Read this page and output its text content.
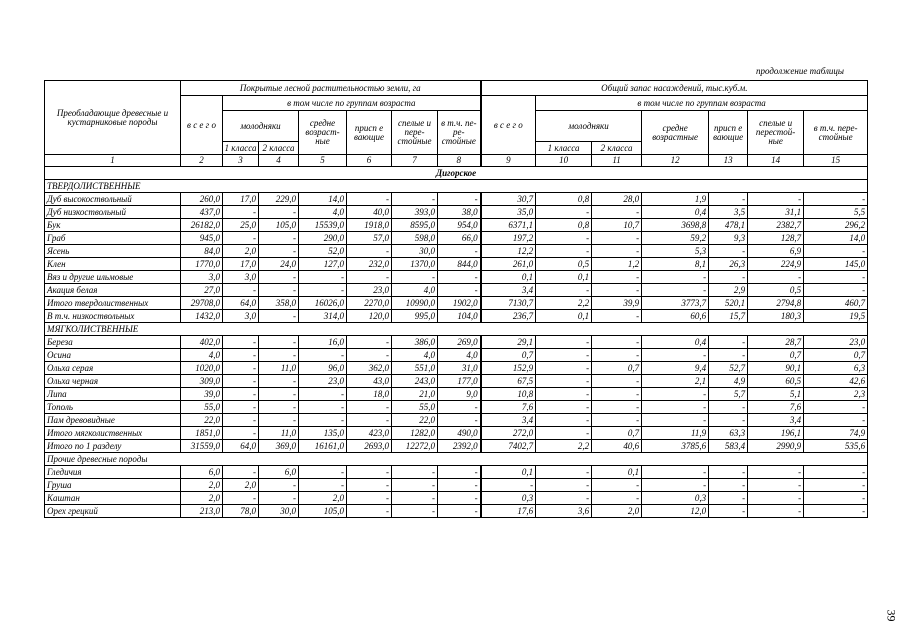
продолжение таблицы
Преобладающие древесные и кустарниковые породы	Покрытые лесной растительностью земли, га							Общий запас насаждений, тыс.куб.м.						
	в с е г о	в том числе по группам возраста						в с е г о	в том числе по группам возраста					
		молодняки		средне возраст-ные	присп е вающие	спелые и пере-стойные	в т.ч. пе-ре-стойные		молодняки		средне возрастные	присп е вающие	спелые и перестой-ные	в т.ч. пере-стойные
		1 класса	2 класса						1 класса	2 класса				
1	2	3	4	5	6	7	8	9	10	11	12	13	14	15
Дигорское														
ТВЕРДОЛИСТВЕННЫЕ														
Дуб высокоствольный	260,0	17,0	229,0	14,0	-	-	-	30,7	0,8	28,0	1,9	-	-	-
Дуб низкоствольный	437,0	-	-	4,0	40,0	393,0	38,0	35,0	-	-	0,4	3,5	31,1	5,5
Бук	26182,0	25,0	105,0	15539,0	1918,0	8595,0	954,0	6371,1	0,8	10,7	3698,8	478,1	2382,7	296,2
Граб	945,0	-	-	290,0	57,0	598,0	66,0	197,2	-	-	59,2	9,3	128,7	14,0
Ясень	84,0	2,0	-	52,0	-	30,0	-	12,2	-	-	5,3	-	6,9	-
Клен	1770,0	17,0	24,0	127,0	232,0	1370,0	844,0	261,0	0,5	1,2	8,1	26,3	224,9	145,0
Вяз и другие ильмовые	3,0	3,0	-	-	-	-	-	0,1	0,1	-	-	-	-	-
Акация белая	27,0	-	-	-	23,0	4,0	-	3,4	-	-	-	2,9	0,5	-
Итого твердолиственных	29708,0	64,0	358,0	16026,0	2270,0	10990,0	1902,0	7130,7	2,2	39,9	3773,7	520,1	2794,8	460,7
В т.ч. низкоствольных	1432,0	3,0	-	314,0	120,0	995,0	104,0	236,7	0,1	-	60,6	15,7	180,3	19,5
МЯГКОЛИСТВЕННЫЕ														
Береза	402,0	-	-	16,0	-	386,0	269,0	29,1	-	-	0,4	-	28,7	23,0
Осина	4,0	-	-	-	-	4,0	4,0	0,7	-	-	-	-	0,7	0,7
Ольха серая	1020,0	-	11,0	96,0	362,0	551,0	31,0	152,9	-	0,7	9,4	52,7	90,1	6,3
Ольха черная	309,0	-	-	23,0	43,0	243,0	177,0	67,5	-	-	2,1	4,9	60,5	42,6
Липа	39,0	-	-	-	18,0	21,0	9,0	10,8	-	-	-	5,7	5,1	2,3
Тополь	55,0	-	-	-	-	55,0	-	7,6	-	-	-	-	7,6	-
Пам древовидные	22,0	-	-	-	-	22,0	-	3,4	-	-	-	-	3,4	-
Итого мягколиственных	1851,0	-	11,0	135,0	423,0	1282,0	490,0	272,0	-	0,7	11,9	63,3	196,1	74,9
Итого по 1 разделу	31559,0	64,0	369,0	16161,0	2693,0	12272,0	2392,0	7402,7	2,2	40,6	3785,6	583,4	2990,9	535,6
Прочие древесные породы														
Гледичия	6,0	-	6,0	-	-	-	-	0,1	-	0,1	-	-	-	-
Груша	2,0	2,0	-	-	-	-	-	-	-	-	-	-	-	-
Каштан	2,0	-	-	2,0	-	-	-	0,3	-	-	0,3	-	-	-
Орех грецкий	213,0	78,0	30,0	105,0	-	-	-	17,6	3,6	2,0	12,0	-	-	-
39
